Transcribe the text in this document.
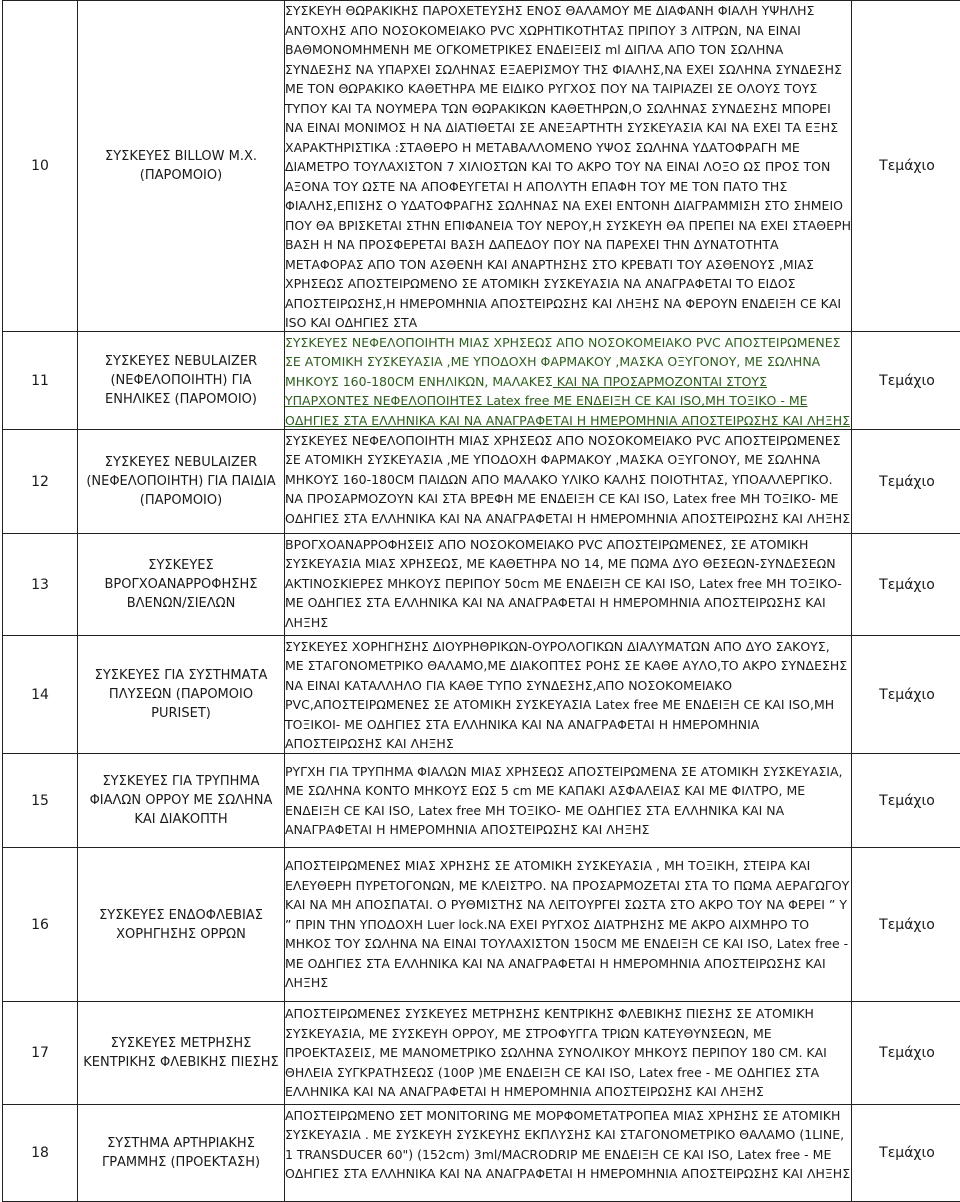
10	ΣΥΣΚΕΥΕΣ BILLOW Μ.Χ. (ΠΑΡΟΜΟΙΟ)	ΣΥΣΚΕΥΗ ΘΩΡΑΚΙΚΗΣ ΠΑΡΟΧΕΤΕΥΣΗΣ ΕΝΟΣ ΘΑΛΑΜΟΥ ΜΕ ΔΙΑΦΑΝΗ ΦΙΑΛΗ ΥΨΗΛΗΣ ΑΝΤΟΧΗΣ ΑΠΟ ΝΟΣΟΚΟΜΕΙΑΚΟ PVC ΧΩΡΗΤΙΚΟΤΗΤΑΣ ΠΡΙΠΟΥ 3 ΛΙΤΡΩΝ, ΝΑ ΕΙΝΑΙ ΒΑΘΜΟΝΟΜΗΜΕΝΗ ΜΕ ΟΓΚΟΜΕΤΡΙΚΕΣ ΕΝΔΕΙΞΕΙΣ ml ΔΙΠΛΑ ΑΠΟ ΤΟΝ ΣΩΛΗΝΑ ΣΥΝΔΕΣΗΣ ΝΑ ΥΠΑΡΧΕΙ ΣΩΛΗΝΑΣ ΕΞΑΕΡΙΣΜΟΥ ΤΗΣ ΦΙΑΛΗΣ,ΝΑ ΕΧΕΙ ΣΩΛΗΝΑ ΣΥΝΔΕΣΗΣ ΜΕ ΤΟΝ ΘΩΡΑΚΙΚΟ ΚΑΘΕΤΗΡΑ ΜΕ ΕΙΔΙΚΟ ΡΥΓΧΟΣ ΠΟΥ ΝΑ ΤΑΙΡΙΑΖΕΙ ΣΕ ΟΛΟΥΣ ΤΟΥΣ ΤΥΠΟΥ ΚΑΙ ΤΑ ΝΟΥΜΕΡΑ ΤΩΝ ΘΩΡΑΚΙΚΩΝ ΚΑΘΕΤΗΡΩΝ,Ο ΣΩΛΗΝΑΣ ΣΥΝΔΕΣΗΣ ΜΠΟΡΕΙ ΝΑ ΕΙΝΑΙ ΜΟΝΙΜΟΣ Η ΝΑ ΔΙΑΤΙΘΕΤΑΙ ΣΕ ΑΝΕΞΑΡΤΗΤΗ ΣΥΣΚΕΥΑΣΙΑ ΚΑΙ ΝΑ ΕΧΕΙ ΤΑ ΕΞΗΣ ΧΑΡΑΚΤΗΡΙΣΤΙΚΑ :ΣΤΑΘΕΡΟ Η ΜΕΤΑΒΑΛΛΟΜΕΝΟ ΥΨΟΣ ΣΩΛΗΝΑ ΥΔΑΤΟΦΡΑΓΗ ΜΕ ΔΙΑΜΕΤΡΟ ΤΟΥΛΑΧΙΣΤΟΝ 7 ΧΙΛΙΟΣΤΩΝ ΚΑΙ ΤΟ ΑΚΡΟ ΤΟΥ ΝΑ ΕΙΝΑΙ ΛΟΞΟ ΩΣ ΠΡΟΣ ΤΟΝ ΑΞΟΝΑ ΤΟΥ ΩΣΤΕ ΝΑ ΑΠΟΦΕΥΓΕΤΑΙ Η ΑΠΟΛΥΤΗ ΕΠΑΦΗ ΤΟΥ ΜΕ ΤΟΝ ΠΑΤΟ ΤΗΣ ΦΙΑΛΗΣ,ΕΠΙΣΗΣ Ο ΥΔΑΤΟΦΡΑΓΗΣ ΣΩΛΗΝΑΣ ΝΑ ΕΧΕΙ ΕΝΤΟΝΗ ΔΙΑΓΡΑΜΜΙΣΗ ΣΤΟ ΣΗΜΕΙΟ ΠΟΥ ΘΑ ΒΡΙΣΚΕΤΑΙ ΣΤΗΝ ΕΠΙΦΑΝΕΙΑ ΤΟΥ ΝΕΡΟΥ,Η ΣΥΣΚΕΥΗ ΘΑ ΠΡΕΠΕΙ ΝΑ ΕΧΕΙ ΣΤΑΘΕΡΗ ΒΑΣΗ Η ΝΑ ΠΡΟΣΦΕΡΕΤΑΙ ΒΑΣΗ ΔΑΠΕΔΟΥ ΠΟΥ ΝΑ ΠΑΡΕΧΕΙ ΤΗΝ ΔΥΝΑΤΟΤΗΤΑ ΜΕΤΑΦΟΡΑΣ ΑΠΟ ΤΟΝ ΑΣΘΕΝΗ ΚΑΙ ΑΝΑΡΤΗΣΗΣ ΣΤΟ ΚΡΕΒΑΤΙ ΤΟΥ ΑΣΘΕΝΟΥΣ ,ΜΙΑΣ ΧΡΗΣΕΩΣ ΑΠΟΣΤΕΙΡΩΜΕΝΟ ΣΕ ΑΤΟΜΙΚΗ ΣΥΣΚΕΥΑΣΙΑ ΝΑ ΑΝΑΓΡΑΦΕΤΑΙ ΤΟ ΕΙΔΟΣ ΑΠΟΣΤΕΙΡΩΣΗΣ,Η ΗΜΕΡΟΜΗΝΙΑ ΑΠΟΣΤΕΙΡΩΣΗΣ ΚΑΙ ΛΗΞΗΣ ΝΑ ΦΕΡΟΥΝ ΕΝΔΕΙΞΗ CE ΚΑΙ ISO ΚΑΙ ΟΔΗΓΙΕΣ ΣΤΑ	Τεμάχιο
11	ΣΥΣΚΕΥΕΣ NEBULAIZER (ΝΕΦΕΛΟΠΟΙΗΤΗ) ΓΙΑ ΕΝΗΛΙΚΕΣ (ΠΑΡΟΜΟΙΟ)	ΣΥΣΚΕΥΕΣ ΝΕΦΕΛΟΠΟΙΗΤΗ ΜΙΑΣ ΧΡΗΣΕΩΣ ΑΠΟ ΝΟΣΟΚΟΜΕΙΑΚΟ PVC ΑΠΟΣΤΕΙΡΩΜΕΝΕΣ ΣΕ ΑΤΟΜΙΚΗ ΣΥΣΚΕΥΑΣΙΑ ,ΜΕ ΥΠΟΔΟΧΗ ΦΑΡΜΑΚΟΥ ,ΜΑΣΚΑ ΟΞΥΓΟΝΟΥ, ΜΕ ΣΩΛΗΝΑ ΜΗΚΟΥΣ 160-180CM ΕΝΗΛΙΚΩΝ, ΜΑΛΑΚΕΣ ΚΑΙ ΝΑ ΠΡΟΣΑΡΜΟΖΟΝΤΑΙ ΣΤΟΥΣ ΥΠΑΡΧΟΝΤΕΣ ΝΕΦΕΛΟΠΟΙΗΤΕΣ Latex free ΜΕ ΕΝΔΕΙΞΗ CE ΚΑΙ ISO,ΜΗ ΤΟΞΙΚΟ - ΜΕ ΟΔΗΓΙΕΣ ΣΤΑ ΕΛΛΗΝΙΚΑ ΚΑΙ ΝΑ ΑΝΑΓΡΑΦΕΤΑΙ Η ΗΜΕΡΟΜΗΝΙΑ ΑΠΟΣΤΕΙΡΩΣΗΣ ΚΑΙ ΛΗΞΗΣ	Τεμάχιο
12	ΣΥΣΚΕΥΕΣ NEBULAIZER (ΝΕΦΕΛΟΠΟΙΗΤΗ) ΓΙΑ ΠΑΙΔΙΑ (ΠΑΡΟΜΟΙΟ)	ΣΥΣΚΕΥΕΣ ΝΕΦΕΛΟΠΟΙΗΤΗ ΜΙΑΣ ΧΡΗΣΕΩΣ ΑΠΟ ΝΟΣΟΚΟΜΕΙΑΚΟ PVC ΑΠΟΣΤΕΙΡΩΜΕΝΕΣ ΣΕ ΑΤΟΜΙΚΗ ΣΥΣΚΕΥΑΣΙΑ ,ΜΕ ΥΠΟΔΟΧΗ ΦΑΡΜΑΚΟΥ ,ΜΑΣΚΑ ΟΞΥΓΟΝΟΥ, ΜΕ ΣΩΛΗΝΑ ΜΗΚΟΥΣ 160-180CM ΠΑΙΔΩΝ ΑΠΟ ΜΑΛΑΚΟ ΥΛΙΚΟ ΚΑΛΗΣ ΠΟΙΟΤΗΤΑΣ, ΥΠΟΑΛΛΕΡΓΙΚΟ. ΝΑ ΠΡΟΣΑΡΜΟΖΟΥΝ ΚΑΙ ΣΤΑ ΒΡΕΦΗ ΜΕ ΕΝΔΕΙΞΗ CE ΚΑΙ ISO, Latex free ΜΗ ΤΟΞΙΚΟ- ΜΕ ΟΔΗΓΙΕΣ ΣΤΑ ΕΛΛΗΝΙΚΑ ΚΑΙ ΝΑ ΑΝΑΓΡΑΦΕΤΑΙ Η ΗΜΕΡΟΜΗΝΙΑ ΑΠΟΣΤΕΙΡΩΣΗΣ ΚΑΙ ΛΗΞΗΣ	Τεμάχιο
13	ΣΥΣΚΕΥΕΣ ΒΡΟΓΧΟΑΝΑΡΡΟΦΗΣΗΣ ΒΛΕΝΩΝ/ΣΙΕΛΩΝ	ΒΡΟΓΧΟΑΝΑΡΡΟΦΗΣΕΙΣ ΑΠΟ ΝΟΣΟΚΟΜΕΙΑΚΟ PVC ΑΠΟΣΤΕΙΡΩΜΕΝΕΣ, ΣΕ ΑΤΟΜΙΚΗ ΣΥΣΚΕΥΑΣΙΑ ΜΙΑΣ ΧΡΗΣΕΩΣ, ΜΕ ΚΑΘΕΤΗΡΑ ΝΟ 14, ΜΕ ΠΩΜΑ ΔΥΟ ΘΕΣΕΩΝ-ΣΥΝΔΕΣΕΩΝ ΑΚΤΙΝΟΣΚΙΕΡΕΣ ΜΗΚΟΥΣ ΠΕΡΙΠΟΥ 50cm ΜΕ ΕΝΔΕΙΞΗ CE ΚΑΙ ISO, Latex free ΜΗ ΤΟΞΙΚΟ- ΜΕ ΟΔΗΓΙΕΣ ΣΤΑ ΕΛΛΗΝΙΚΑ ΚΑΙ ΝΑ ΑΝΑΓΡΑΦΕΤΑΙ Η ΗΜΕΡΟΜΗΝΙΑ ΑΠΟΣΤΕΙΡΩΣΗΣ ΚΑΙ ΛΗΞΗΣ	Τεμάχιο
14	ΣΥΣΚΕΥΕΣ ΓΙΑ ΣΥΣΤΗΜΑΤΑ ΠΛΥΣΕΩΝ (ΠΑΡΟΜΟΙΟ PURISET)	ΣΥΣΚΕΥΕΣ ΧΟΡΗΓΗΣΗΣ ΔΙΟΥΡΗΘΡΙΚΩΝ-ΟΥΡΟΛΟΓΙΚΩΝ ΔΙΑΛΥΜΑΤΩΝ ΑΠΟ ΔΥΟ ΣΑΚΟΥΣ, ΜΕ ΣΤΑΓΟΝΟΜΕΤΡΙΚΟ ΘΑΛΑΜΟ,ΜΕ ΔΙΑΚΟΠΤΕΣ ΡΟΗΣ ΣΕ ΚΑΘΕ ΑΥΛΟ,ΤΟ ΑΚΡΟ ΣΥΝΔΕΣΗΣ ΝΑ ΕΙΝΑΙ ΚΑΤΑΛΛΗΛΟ ΓΙΑ ΚΑΘΕ ΤΥΠΟ ΣΥΝΔΕΣΗΣ,ΑΠΟ ΝΟΣΟΚΟΜΕΙΑΚΟ PVC,ΑΠΟΣΤΕΙΡΩΜΕΝΕΣ ΣΕ ΑΤΟΜΙΚΗ ΣΥΣΚΕΥΑΣΙΑ Latex free ΜΕ ΕΝΔΕΙΞΗ CE ΚΑΙ ISO,ΜΗ ΤΟΞΙΚΟΙ- ΜΕ ΟΔΗΓΙΕΣ ΣΤΑ ΕΛΛΗΝΙΚΑ ΚΑΙ ΝΑ ΑΝΑΓΡΑΦΕΤΑΙ Η ΗΜΕΡΟΜΗΝΙΑ ΑΠΟΣΤΕΙΡΩΣΗΣ ΚΑΙ ΛΗΞΗΣ	Τεμάχιο
15	ΣΥΣΚΕΥΕΣ ΓΙΑ ΤΡΥΠΗΜΑ ΦΙΑΛΩΝ ΟΡΡΟΥ ΜΕ ΣΩΛΗΝΑ ΚΑΙ ΔΙΑΚΟΠΤΗ	ΡΥΓΧΗ ΓΙΑ ΤΡΥΠΗΜΑ ΦΙΑΛΩΝ ΜΙΑΣ ΧΡΗΣΕΩΣ ΑΠΟΣΤΕΙΡΩΜΕΝΑ ΣΕ ΑΤΟΜΙΚΗ ΣΥΣΚΕΥΑΣΙΑ, ΜΕ ΣΩΛΗΝΑ ΚΟΝΤΟ ΜΗΚΟΥΣ ΕΩΣ 5 cm ΜΕ ΚΑΠΑΚΙ ΑΣΦΑΛΕΙΑΣ ΚΑΙ ΜΕ ΦΙΛΤΡΟ, ΜΕ ΕΝΔΕΙΞΗ CE ΚΑΙ ISO, Latex free ΜΗ ΤΟΞΙΚΟ- ΜΕ ΟΔΗΓΙΕΣ ΣΤΑ ΕΛΛΗΝΙΚΑ ΚΑΙ ΝΑ ΑΝΑΓΡΑΦΕΤΑΙ Η ΗΜΕΡΟΜΗΝΙΑ ΑΠΟΣΤΕΙΡΩΣΗΣ ΚΑΙ ΛΗΞΗΣ	Τεμάχιο
16	ΣΥΣΚΕΥΕΣ ΕΝΔΟΦΛΕΒΙΑΣ ΧΟΡΗΓΗΣΗΣ ΟΡΡΩΝ	ΑΠΟΣΤΕΙΡΩΜΕΝΕΣ ΜΙΑΣ ΧΡΗΣΗΣ ΣΕ ΑΤΟΜΙΚΗ ΣΥΣΚΕΥΑΣΙΑ , ΜΗ ΤΟΞΙΚΗ, ΣΤΕΙΡΑ ΚΑΙ ΕΛΕΥΘΕΡΗ ΠΥΡΕΤΟΓΟΝΩΝ, ΜΕ ΚΛΕΙΣΤΡΟ. ΝΑ ΠΡΟΣΑΡΜΟΖΕΤΑΙ ΣΤΑ ΤΟ ΠΩΜΑ ΑΕΡΑΓΩΓΟΥ ΚΑΙ ΝΑ ΜΗ ΑΠΟΣΠΑΤΑΙ. Ο ΡΥΘΜΙΣΤΗΣ ΝΑ ΛΕΙΤΟΥΡΓΕΙ ΣΩΣΤΑ ΣΤΟ ΑΚΡΟ ΤΟΥ ΝΑ ΦΕΡΕΙ ” Y ” ΠΡΙΝ ΤΗΝ ΥΠΟΔΟΧΗ Luer lock.ΝΑ ΕΧΕΙ ΡΥΓΧΟΣ ΔΙΑΤΡΗΣΗΣ ΜΕ ΑΚΡΟ ΑΙΧΜΗΡΟ ΤΟ ΜΗΚΟΣ ΤΟΥ ΣΩΛΗΝΑ ΝΑ ΕΙΝΑΙ ΤΟΥΛΑΧΙΣΤΟΝ 150CM ΜΕ ΕΝΔΕΙΞΗ CE ΚΑΙ ISO, Latex free - ΜΕ ΟΔΗΓΙΕΣ ΣΤΑ ΕΛΛΗΝΙΚΑ ΚΑΙ ΝΑ ΑΝΑΓΡΑΦΕΤΑΙ Η ΗΜΕΡΟΜΗΝΙΑ ΑΠΟΣΤΕΙΡΩΣΗΣ ΚΑΙ ΛΗΞΗΣ	Τεμάχιο
17	ΣΥΣΚΕΥΕΣ ΜΕΤΡΗΣΗΣ ΚΕΝΤΡΙΚΗΣ ΦΛΕΒΙΚΗΣ ΠΙΕΣΗΣ	ΑΠΟΣΤΕΙΡΩΜΕΝΕΣ ΣΥΣΚΕΥΕΣ ΜΕΤΡΗΣΗΣ ΚΕΝΤΡΙΚΗΣ ΦΛΕΒΙΚΗΣ ΠΙΕΣΗΣ ΣΕ ΑΤΟΜΙΚΗ ΣΥΣΚΕΥΑΣΙΑ, ΜΕ ΣΥΣΚΕΥΗ ΟΡΡΟΥ, ΜΕ ΣΤΡΟΦΥΓΓΑ ΤΡΙΩΝ ΚΑΤΕΥΘΥΝΣΕΩΝ, ΜΕ ΠΡΟΕΚΤΑΣΕΙΣ, ΜΕ ΜΑΝΟΜΕΤΡΙΚΟ ΣΩΛΗΝΑ ΣΥΝΟΛΙΚΟΥ ΜΗΚΟΥΣ ΠΕΡΙΠΟΥ 180 CM. ΚΑΙ ΘΗΛΕΙΑ ΣΥΓΚΡΑΤΗΣΕΩΣ (100P )ΜΕ ΕΝΔΕΙΞΗ CE ΚΑΙ ISO, Latex free - ΜΕ ΟΔΗΓΙΕΣ ΣΤΑ ΕΛΛΗΝΙΚΑ ΚΑΙ ΝΑ ΑΝΑΓΡΑΦΕΤΑΙ Η ΗΜΕΡΟΜΗΝΙΑ ΑΠΟΣΤΕΙΡΩΣΗΣ ΚΑΙ ΛΗΞΗΣ	Τεμάχιο
18	ΣΥΣΤΗΜΑ ΑΡΤΗΡΙΑΚΗΣ ΓΡΑΜΜΗΣ (ΠΡΟΕΚΤΑΣΗ)	ΑΠΟΣΤΕΙΡΩΜΕΝΟ ΣΕΤ MONITORING ΜΕ ΜΟΡΦΟΜΕΤΑΤΡΟΠΕΑ ΜΙΑΣ ΧΡΗΣΗΣ ΣΕ ΑΤΟΜΙΚΗ ΣΥΣΚΕΥΑΣΙΑ . ΜΕ ΣΥΣΚΕΥΗ ΣΥΣΚΕΥΗΣ ΕΚΠΛΥΣΗΣ ΚΑΙ ΣΤΑΓΟΝΟΜΕΤΡΙΚΟ ΘΑΛΑΜΟ (1LINE, 1 TRANSDUCER 60") (152cm) 3ml/MACRODRIP ΜΕ ΕΝΔΕΙΞΗ CE ΚΑΙ ISO, Latex free - ΜΕ ΟΔΗΓΙΕΣ ΣΤΑ ΕΛΛΗΝΙΚΑ ΚΑΙ ΝΑ ΑΝΑΓΡΑΦΕΤΑΙ Η ΗΜΕΡΟΜΗΝΙΑ ΑΠΟΣΤΕΙΡΩΣΗΣ ΚΑΙ ΛΗΞΗΣ	Τεμάχιο
